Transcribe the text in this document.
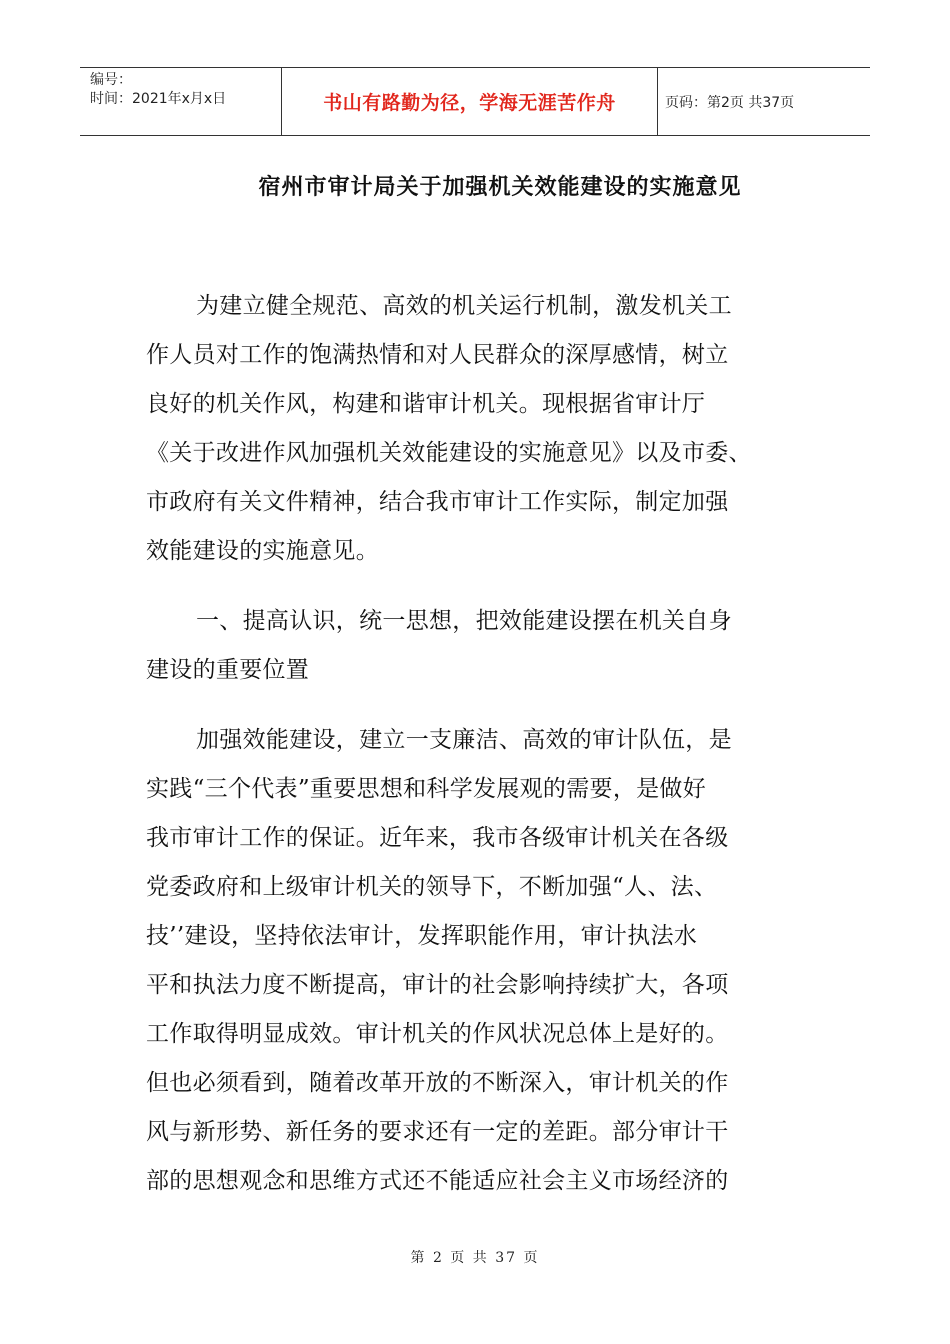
编号：
时间：2021年x月x日	书山有路勤为径，学海无涯苦作舟	页码：第2页 共37页
宿州市审计局关于加强机关效能建设的实施意见

为建立健全规范、高效的机关运行机制，激发机关工
作人员对工作的饱满热情和对人民群众的深厚感情，树立
良好的机关作风，构建和谐审计机关。现根据省审计厅
《关于改进作风加强机关效能建设的实施意见》以及市委、
市政府有关文件精神，结合我市审计工作实际，制定加强
效能建设的实施意见。

一、提高认识，统一思想，把效能建设摆在机关自身
建设的重要位置

加强效能建设，建立一支廉洁、高效的审计队伍，是
实践“三个代表”重要思想和科学发展观的需要，是做好
我市审计工作的保证。近年来，我市各级审计机关在各级
党委政府和上级审计机关的领导下，不断加强“人、法、
技’’建设，坚持依法审计，发挥职能作用，审计执法水
平和执法力度不断提高，审计的社会影响持续扩大，各项
工作取得明显成效。审计机关的作风状况总体上是好的。
但也必须看到，随着改革开放的不断深入，审计机关的作
风与新形势、新任务的要求还有一定的差距。部分审计干
部的思想观念和思维方式还不能适应社会主义市场经济的

第 2 页 共 37 页
